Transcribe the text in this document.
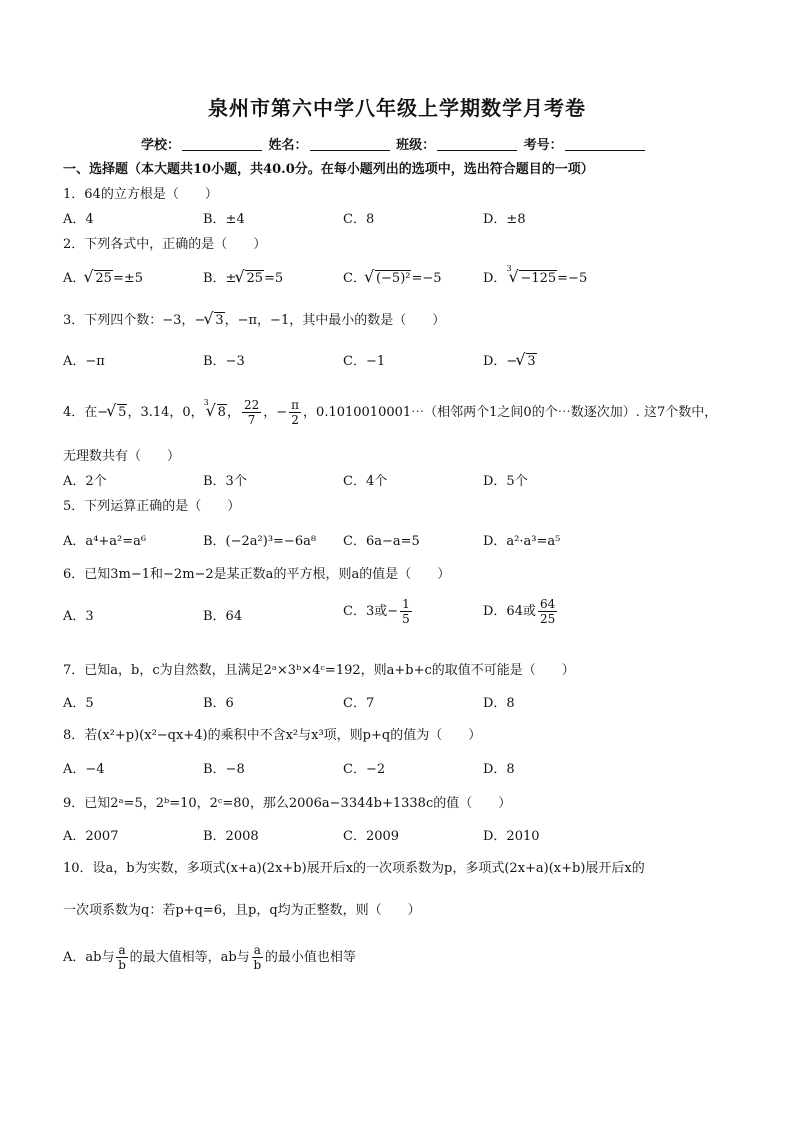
泉州市第六中学八年级上学期数学月考卷
学校：	姓名：	班级：	考号：
一、选择题（本大题共10小题，共40.0分。在每小题列出的选项中，选出符合题目的一项）
1．64的立方根是（　　）
A．4	B．±4	C．8	D．±8
2．下列各式中，正确的是（　　）
A． √ 25=±5	B．± √ 25=5	C． √ (−5)²=−5	D． 3 −125 √=−5
3．下列四个数：−3，− √ 3，−π，−1，其中最小的数是（　　）
A．−π	B．−3	C．−1	D．− √ 3
4．在− √ 5，3.14，0， 3 8 √， $\frac{22}{7}$ ，− $\frac{\pi}{2}$ ，0.1010010001⋯（相邻两个1之间0的个⋯数逐次加）. 这7个数中，
无理数共有（　　）
A．2个	B．3个	C．4个	D．5个
5．下列运算正确的是（　　）
A．a⁴+a²=a⁶	B．(−2a²)³=−6a⁸ C．6a−a=5	D．a²·a³=a⁵
6．已知3m−1和−2m−2是某正数a的平方根，则a的值是（　　）
A．3	B．64	C．3或− $\frac{1}{5}$	D．64或 $\frac{64}{25}$
7．已知a，b，c为自然数，且满足2ᵃ×3ᵇ×4ᶜ=192，则a+b+c的取值不可能是（　　）
A．5	B．6	C．7	D．8
8．若(x²+p)(x²−qx+4)的乘积中不含x²与x³项，则p+q的值为（　　）
A．−4	B．−8	C．−2	D．8
9．已知2ᵃ=5，2ᵇ=10，2ᶜ=80，那么2006a−3344b+1338c的值（　　）
A．2007	B．2008	C．2009	D．2010
10．设a，b为实数，多项式(x+a)(2x+b)展开后x的一次项系数为p，多项式(2x+a)(x+b)展开后x的
一次项系数为q：若p+q=6，且p，q均为正整数，则（　　）
A．ab与 $\frac{a}{b}$ 的最大值相等，ab与 $\frac{a}{b}$ 的最小值也相等
